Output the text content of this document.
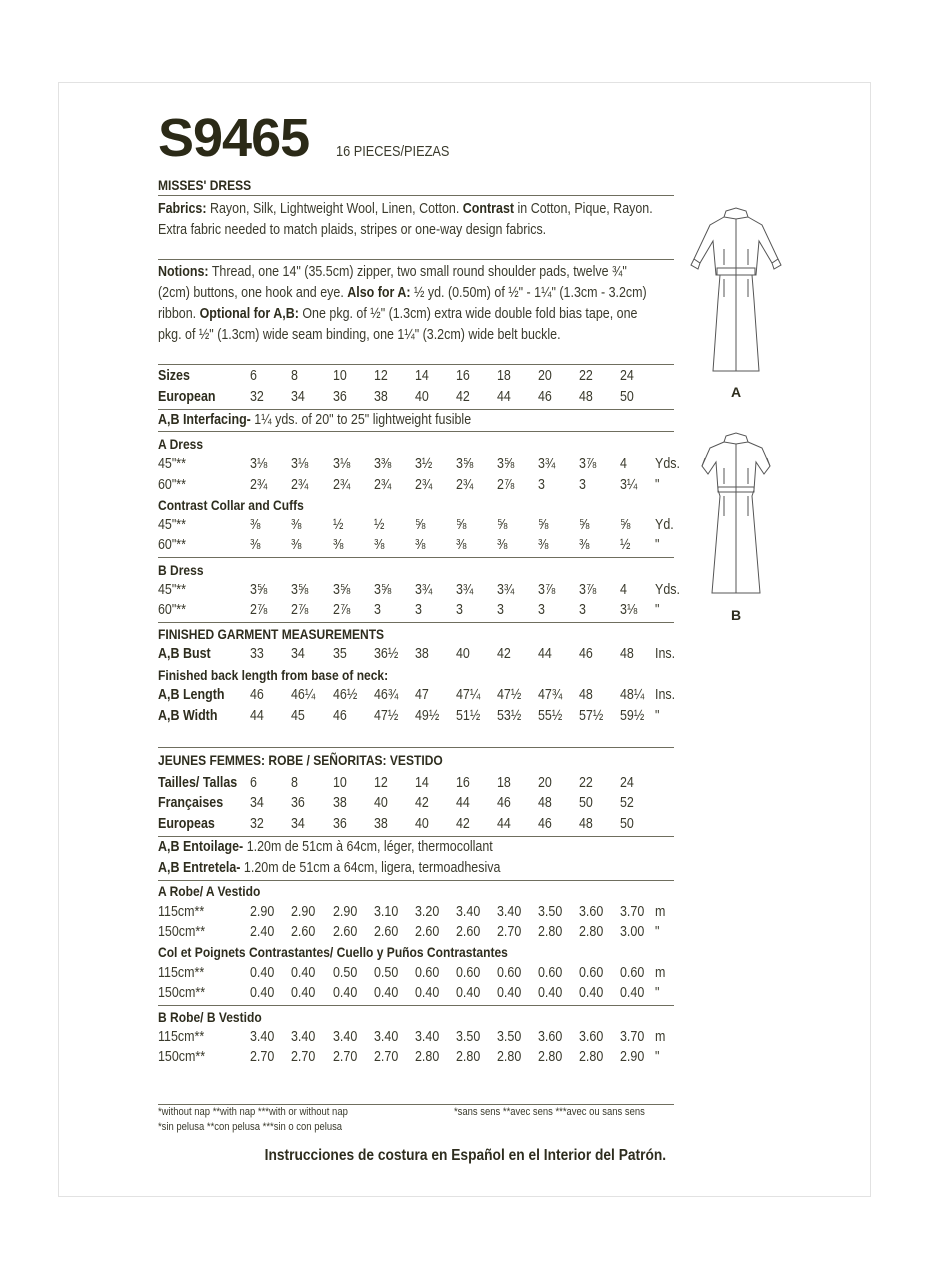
S9465 16 PIECES/PIEZAS
MISSES' DRESS
Fabrics: Rayon, Silk, Lightweight Wool, Linen, Cotton. Contrast in Cotton, Pique, Rayon.
Extra fabric needed to match plaids, stripes or one-way design fabrics.
Notions: Thread, one 14" (35.5cm) zipper, two small round shoulder pads, twelve ¾"
(2cm) buttons, one hook and eye. Also for A: ½ yd. (0.50m) of ½" - 1¼" (1.3cm - 3.2cm)
ribbon. Optional for A,B: One pkg. of ½" (1.3cm) extra wide double fold bias tape, one
pkg. of ½" (1.3cm) wide seam binding, one 1¼" (3.2cm) wide belt buckle.
Sizes	6 8 10 12 14 16 18 20 22 24
European 32 34 36 38 40 42 44 46 48 50
A,B Interfacing- 1¼ yds. of 20" to 25" lightweight fusible
A Dress
45"**	3⅛ 3⅛ 3⅛ 3⅜ 3½ 3⅝ 3⅝ 3¾ 3⅞ 4 Yds.
60"**	2¾ 2¾ 2¾ 2¾ 2¾ 2¾ 2⅞ 3 3 3¼ "
Contrast Collar and Cuffs
45"**	⅜ ⅜ ½ ½ ⅝ ⅝ ⅝ ⅝ ⅝ ⅝ Yd.
60"**	⅜ ⅜ ⅜ ⅜ ⅜ ⅜ ⅜ ⅜ ⅜ ½ "
B Dress
45"**	3⅝ 3⅝ 3⅝ 3⅝ 3¾ 3¾ 3¾ 3⅞ 3⅞ 4 Yds.
60"**	2⅞ 2⅞ 2⅞ 3 3 3 3 3 3 3⅛ "
FINISHED GARMENT MEASUREMENTS
A,B Bust	33 34 35 36½ 38 40 42 44 46 48 Ins.
Finished back length from base of neck:
A,B Length 46 46¼ 46½ 46¾ 47 47¼ 47½ 47¾ 48 48¼ Ins.
A,B Width 44 45 46 47½ 49½ 51½ 53½ 55½ 57½ 59½ "
JEUNES FEMMES: ROBE / SEÑORITAS: VESTIDO
Tailles/ Tallas 6 8 10 12 14 16 18 20 22 24
Françaises 34 36 38 40 42 44 46 48 50 52
Europeas 32 34 36 38 40 42 44 46 48 50
A,B Entoilage- 1.20m de 51cm à 64cm, léger, thermocollant
A,B Entretela- 1.20m de 51cm a 64cm, ligera, termoadhesiva
A Robe/ A Vestido
115cm**	2.90 2.90 2.90 3.10 3.20 3.40 3.40 3.50 3.60 3.70 m
150cm**	2.40 2.60 2.60 2.60 2.60 2.60 2.70 2.80 2.80 3.00 "
Col et Poignets Contrastantes/ Cuello y Puños Contrastantes
115cm**	0.40 0.40 0.50 0.50 0.60 0.60 0.60 0.60 0.60 0.60 m
150cm**	0.40 0.40 0.40 0.40 0.40 0.40 0.40 0.40 0.40 0.40 "
B Robe/ B Vestido
115cm**	3.40 3.40 3.40 3.40 3.40 3.50 3.50 3.60 3.60 3.70 m
150cm**	2.70 2.70 2.70 2.70 2.80 2.80 2.80 2.80 2.80 2.90 "
*without nap **with nap ***with or without nap	*sans sens **avec sens ***avec ou sans sens
*sin pelusa **con pelusa ***sin o con pelusa
Instrucciones de costura en Español en el Interior del Patrón.
A
B
